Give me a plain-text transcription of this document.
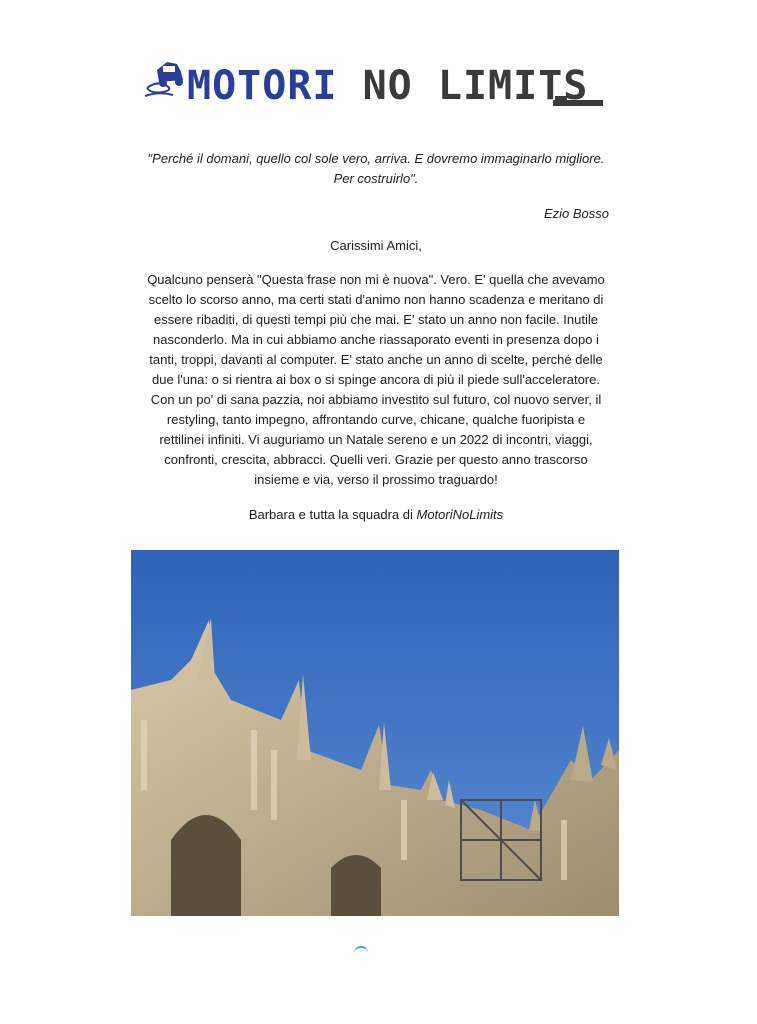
MOTORI NO LIMITS
"Perché il domani, quello col sole vero, arriva. E dovremo immaginarlo migliore. Per costruirlo".
Ezio Bosso
Carissimi Amici,
Qualcuno penserà "Questa frase non mi è nuova". Vero. E' quella che avevamo scelto lo scorso anno, ma certi stati d'animo non hanno scadenza e meritano di essere ribaditi, di questi tempi più che mai. E' stato un anno non facile. Inutile nasconderlo. Ma in cui abbiamo anche riassaporato eventi in presenza dopo i tanti, troppi, davanti al computer. E' stato anche un anno di scelte, perché delle due l'una: o si rientra ai box o si spinge ancora di più il piede sull'acceleratore. Con un po' di sana pazzia, noi abbiamo investito sul futuro, col nuovo server, il restyling, tanto impegno, affrontando curve, chicane, qualche fuoripista e rettilinei infiniti. Vi auguriamo un Natale sereno e un 2022 di incontri, viaggi, confronti, crescita, abbracci. Quelli veri. Grazie per questo anno trascorso insieme e via, verso il prossimo traguardo!
Barbara e tutta la squadra di MotoriNoLimits
